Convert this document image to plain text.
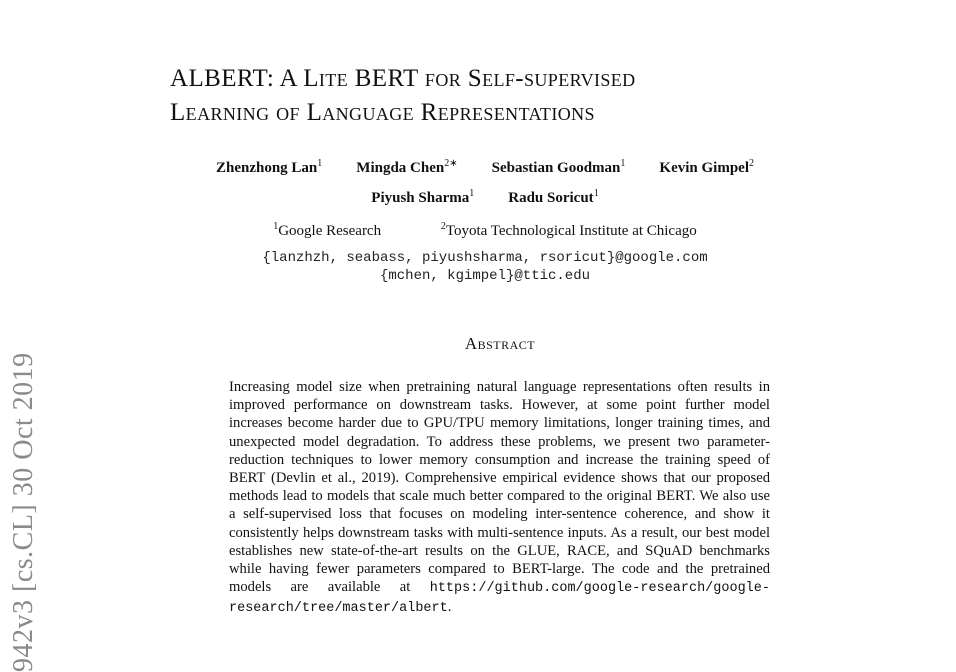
942v3 [cs.CL] 30 Oct 2019
ALBERT: A Lite BERT for Self-supervised
Learning of Language Representations
Zhenzhong Lan$^1$ Mingda Chen$^{2∗}$ Sebastian Goodman$^1$ Kevin Gimpel$^2$
Piyush Sharma$^1$ Radu Soricut$^1$
$^1$Google Research	$^2$Toyota Technological Institute at Chicago
{lanzhzh, seabass, piyushsharma, rsoricut}@google.com
{mchen, kgimpel}@ttic.edu
Abstract
Increasing model size when pretraining natural language representations often results in improved performance on downstream tasks. However, at some point further model increases become harder due to GPU/TPU memory limitations, longer training times, and unexpected model degradation. To address these problems, we present two parameter-reduction techniques to lower memory consumption and increase the training speed of BERT (Devlin et al., 2019). Comprehensive empirical evidence shows that our proposed methods lead to models that scale much better compared to the original BERT. We also use a self-supervised loss that focuses on modeling inter-sentence coherence, and show it consistently helps downstream tasks with multi-sentence inputs. As a result, our best model establishes new state-of-the-art results on the GLUE, RACE, and SQuAD benchmarks while having fewer parameters compared to BERT-large. The code and the pretrained models are available at https://github.com/google-research/google-research/tree/master/albert.
